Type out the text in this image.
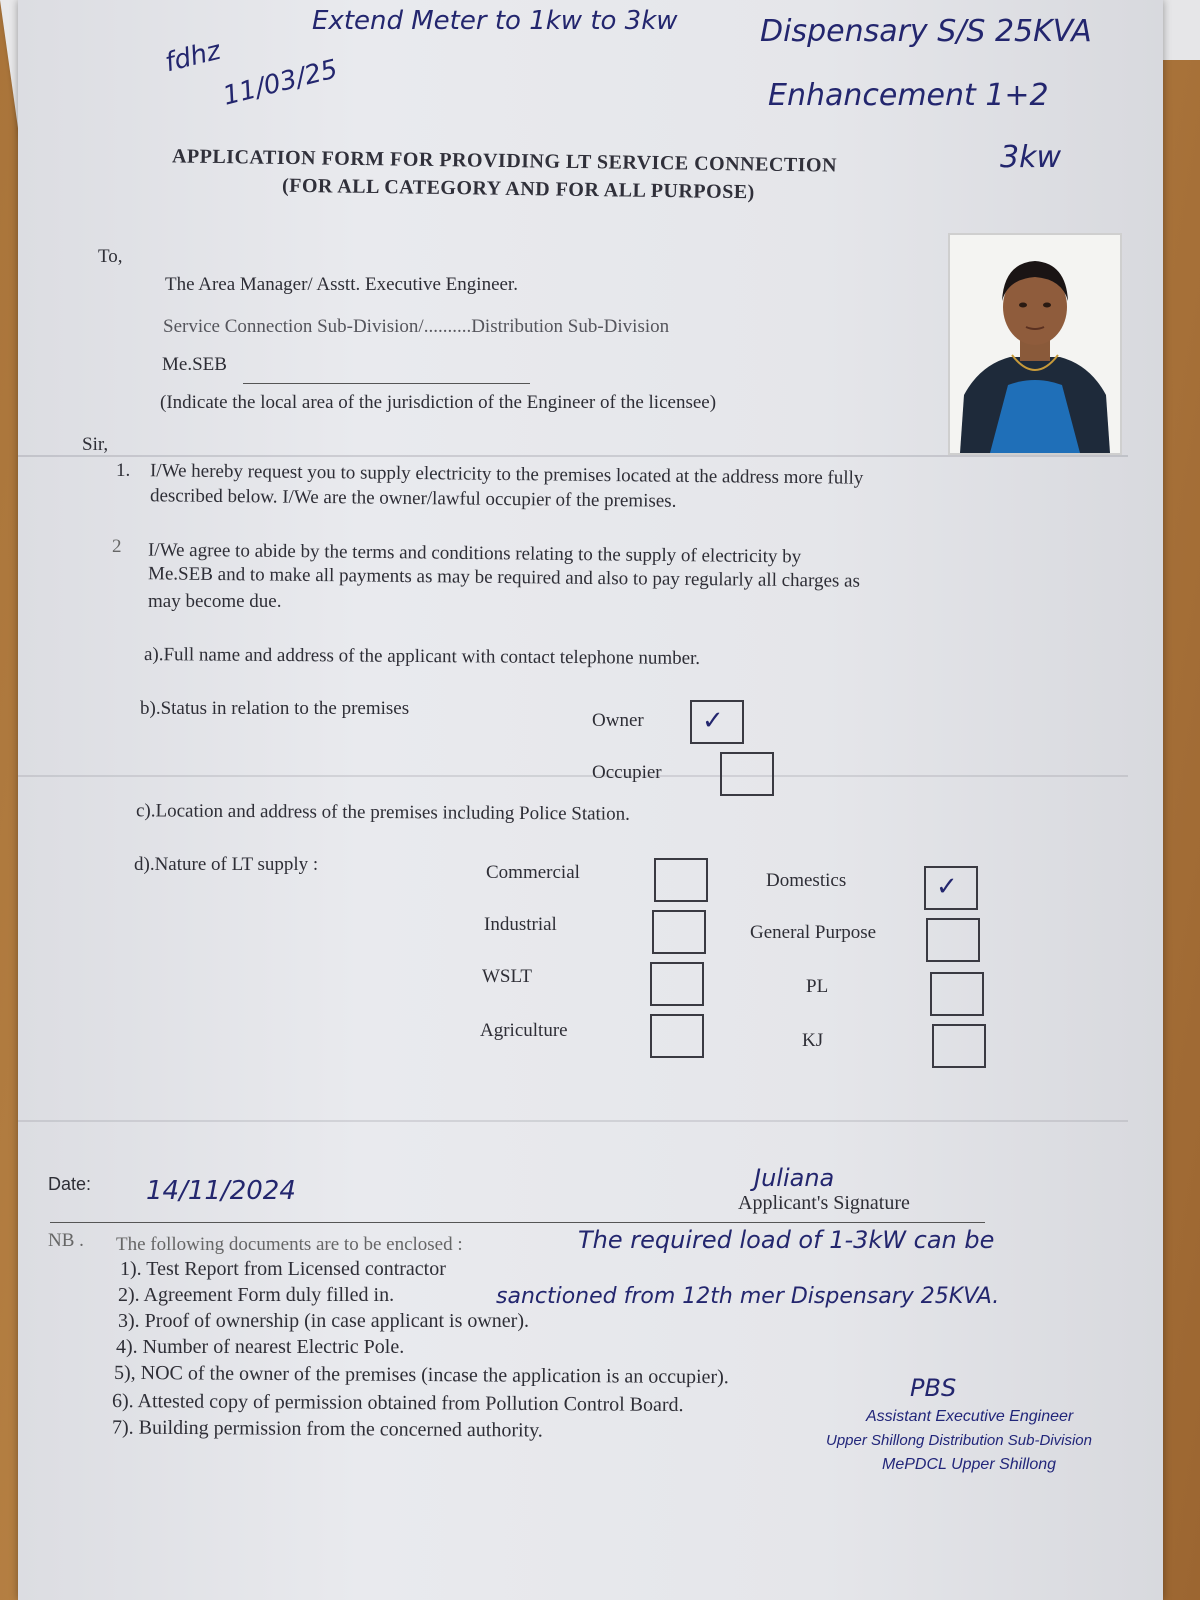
Extend Meter to 1kw to 3kw	Dispensary S/S 25KVA
Enhancement 1+2
3kw
fdhz
11/03/25
APPLICATION FORM FOR PROVIDING LT SERVICE CONNECTION
(FOR ALL CATEGORY AND FOR ALL PURPOSE)
To,
The Area Manager/ Asstt. Executive Engineer.
Service Connection Sub-Division/..........Distribution Sub-Division
Me.SEB
(Indicate the local area of the jurisdiction of the Engineer of the licensee)
Sir,
1. I/We hereby request you to supply electricity to the premises located at the address more fully
described below. I/We are the owner/lawful occupier of the premises.
2 I/We agree to abide by the terms and conditions relating to the supply of electricity by
Me.SEB and to make all payments as may be required and also to pay regularly all charges as
may become due.
a).Full name and address of the applicant with contact telephone number.
b).Status in relation to the premises
Owner ✓
Occupier
c).Location and address of the premises including Police Station.
d).Nature of LT supply :	Commercial	Domestics	✓
Industrial	General Purpose
WSLT	PL
Agriculture	KJ
Date: 14/11/2024	Juliana
Applicant's Signature
NB . The following documents are to be enclosed :
1). Test Report from Licensed contractor
2). Agreement Form duly filled in.
3). Proof of ownership (in case applicant is owner).
4). Number of nearest Electric Pole.
5), NOC of the owner of the premises (incase the application is an occupier).
6). Attested copy of permission obtained from Pollution Control Board.
7). Building permission from the concerned authority.
The required load of 1-3kW can be
sanctioned from 12th mer Dispensary 25KVA.
PBS
Assistant Executive Engineer
Upper Shillong Distribution Sub-Division
MePDCL Upper Shillong
